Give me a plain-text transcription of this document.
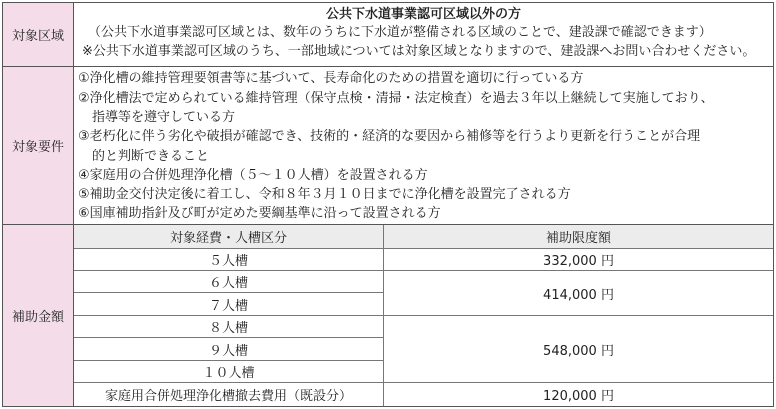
対象区域
公共下水道事業認可区域以外の方
（公共下水道事業認可区域とは、数年のうちに下水道が整備される区域のことで、建設課で確認できます）
※公共下水道事業認可区域のうち、一部地域については対象区域となりますので、建設課へお問い合わせください。
対象要件
①浄化槽の維持管理要領書等に基づいて、長寿命化のための措置を適切に行っている方
②浄化槽法で定められている維持管理（保守点検・清掃・法定検査）を過去３年以上継続して実施しており、
指導等を遵守している方
③老朽化に伴う劣化や破損が確認でき、技術的・経済的な要因から補修等を行うより更新を行うことが合理
的と判断できること
④家庭用の合併処理浄化槽（５～１０人槽）を設置される方
⑤補助金交付決定後に着工し、令和８年３月１０日までに浄化槽を設置完了される方
⑥国庫補助指針及び町が定めた要綱基準に沿って設置される方
補助金額
対象経費・人槽区分	補助限度額
５人槽
６人槽
７人槽
８人槽
９人槽
１０人槽
家庭用合併処理浄化槽撤去費用（既設分）	120,000 円
332,000 円
414,000 円
548,000 円
